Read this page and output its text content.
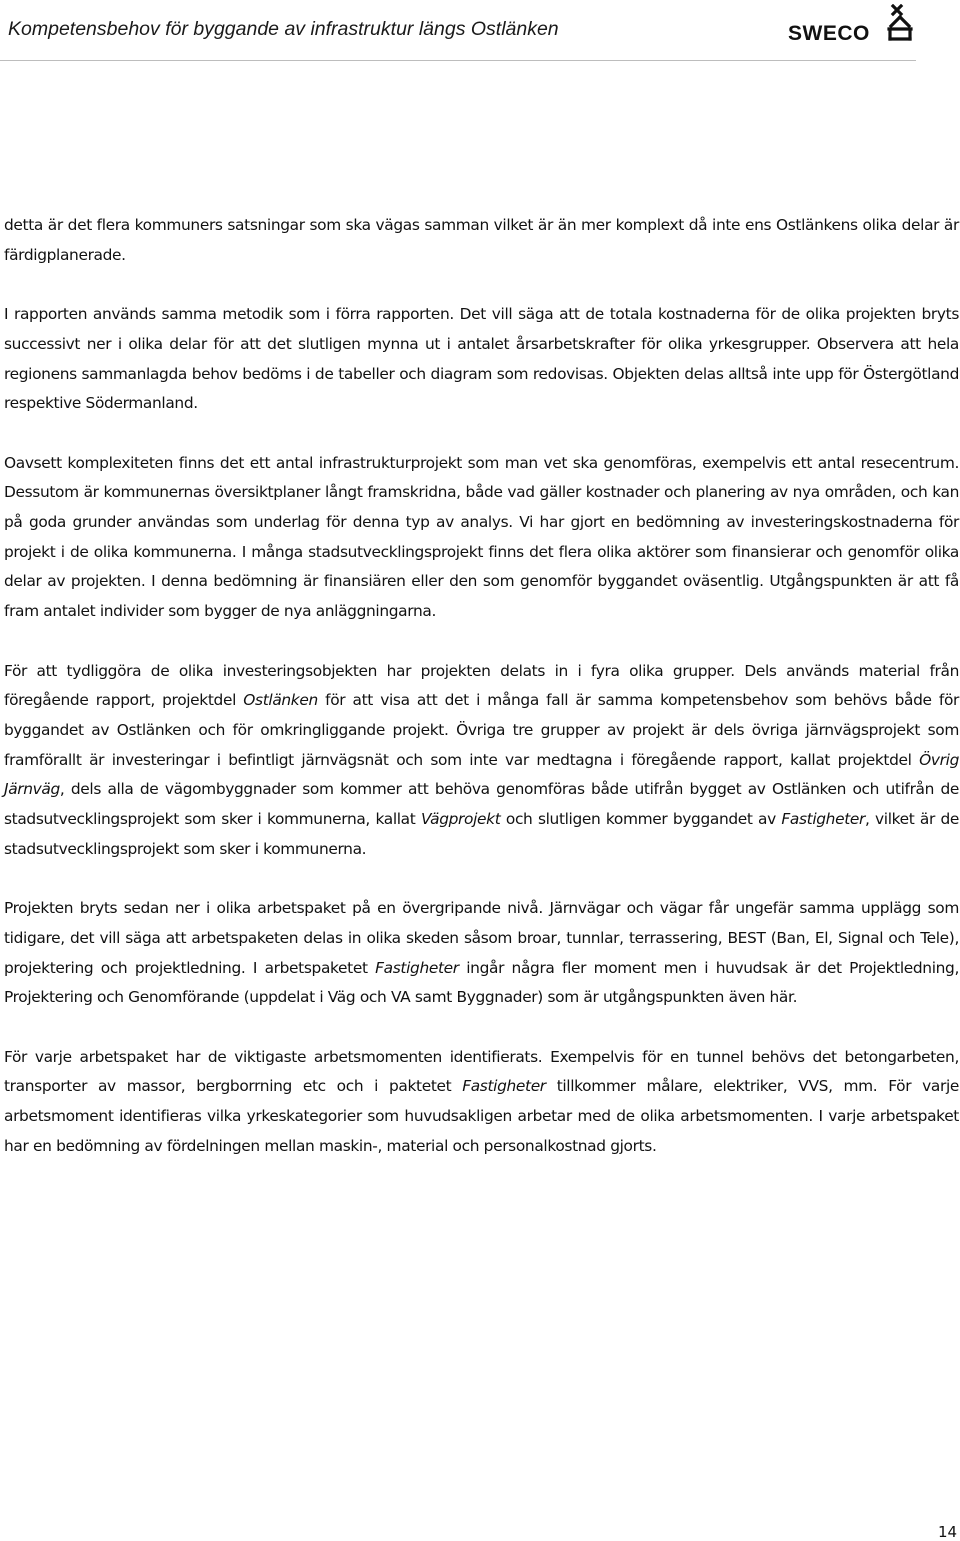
Kompetensbehov för byggande av infrastruktur längs Ostlänken	SWECO

detta är det flera kommuners satsningar som ska vägas samman vilket är än mer komplext då inte ens Ostlänkens olika delar är färdigplanerade.

I rapporten används samma metodik som i förra rapporten. Det vill säga att de totala kostnaderna för de olika projekten bryts successivt ner i olika delar för att det slutligen mynna ut i antalet årsarbetskrafter för olika yrkesgrupper. Observera att hela regionens sammanlagda behov bedöms i de tabeller och diagram som redovisas. Objekten delas alltså inte upp för Östergötland respektive Södermanland.

Oavsett komplexiteten finns det ett antal infrastrukturprojekt som man vet ska genomföras, exempelvis ett antal resecentrum. Dessutom är kommunernas översiktplaner långt framskridna, både vad gäller kostnader och planering av nya områden, och kan på goda grunder användas som underlag för denna typ av analys. Vi har gjort en bedömning av investeringskostnaderna för projekt i de olika kommunerna. I många stadsutvecklingsprojekt finns det flera olika aktörer som finansierar och genomför olika delar av projekten. I denna bedömning är finansiären eller den som genomför byggandet oväsentlig. Utgångspunkten är att få fram antalet individer som bygger de nya anläggningarna.

För att tydliggöra de olika investeringsobjekten har projekten delats in i fyra olika grupper. Dels används material från föregående rapport, projektdel Ostlänken för att visa att det i många fall är samma kompetensbehov som behövs både för byggandet av Ostlänken och för omkringliggande projekt. Övriga tre grupper av projekt är dels övriga järnvägsprojekt som framförallt är investeringar i befintligt järnvägsnät och som inte var medtagna i föregående rapport, kallat projektdel Övrig Järnväg, dels alla de vägombyggnader som kommer att behöva genomföras både utifrån bygget av Ostlänken och utifrån de stadsutvecklingsprojekt som sker i kommunerna, kallat Vägprojekt och slutligen kommer byggandet av Fastigheter, vilket är de stadsutvecklingsprojekt som sker i kommunerna.

Projekten bryts sedan ner i olika arbetspaket på en övergripande nivå. Järnvägar och vägar får ungefär samma upplägg som tidigare, det vill säga att arbetspaketen delas in olika skeden såsom broar, tunnlar, terrassering, BEST (Ban, El, Signal och Tele), projektering och projektledning. I arbetspaketet Fastigheter ingår några fler moment men i huvudsak är det Projektledning, Projektering och Genomförande (uppdelat i Väg och VA samt Byggnader) som är utgångspunkten även här.

För varje arbetspaket har de viktigaste arbetsmomenten identifierats. Exempelvis för en tunnel behövs det betongarbeten, transporter av massor, bergborrning etc och i paktetet Fastigheter tillkommer målare, elektriker, VVS, mm. För varje arbetsmoment identifieras vilka yrkeskategorier som huvudsakligen arbetar med de olika arbetsmomenten. I varje arbetspaket har en bedömning av fördelningen mellan maskin-, material och personalkostnad gjorts.

14
